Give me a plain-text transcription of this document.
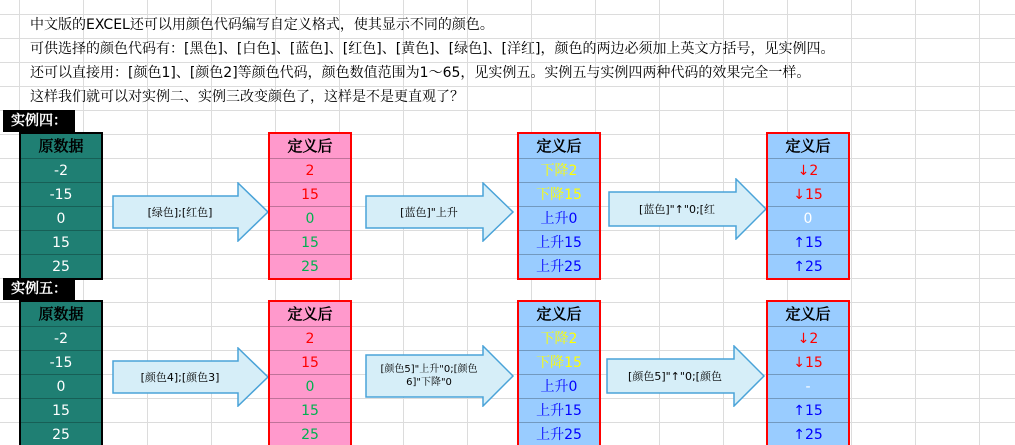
中文版的EXCEL还可以用颜色代码编写自定义格式，使其显示不同的颜色。
可供选择的颜色代码有：[黑色]、[白色]、[蓝色]、[红色]、[黄色]、[绿色]、[洋红]，颜色的两边必须加上英文方括号，见实例四。
还可以直接用：[颜色1]、[颜色2]等颜色代码，颜色数值范围为1～65，见实例五。实例五与实例四两种代码的效果完全一样。
这样我们就可以对实例二、实例三改变颜色了，这样是不是更直观了？
实例四：
原数据
-2
-15
0
15
25
[绿色];[红色]
定义后
2
15
0
15
25
[蓝色]"上升
定义后
下降2
下降15
上升0
上升15
上升25
[蓝色]"↑"0;[红
定义后
↓2
↓15
0
↑15
↑25
实例五：
原数据
-2
-15
0
15
25
[颜色4];[颜色3]
定义后
2
15
0
15
25
[颜色5]"上升"0;[颜色6]"下降"0
定义后
下降2
下降15
上升0
上升15
上升25
[颜色5]"↑"0;[颜色
定义后
↓2
↓15
-
↑15
↑25
